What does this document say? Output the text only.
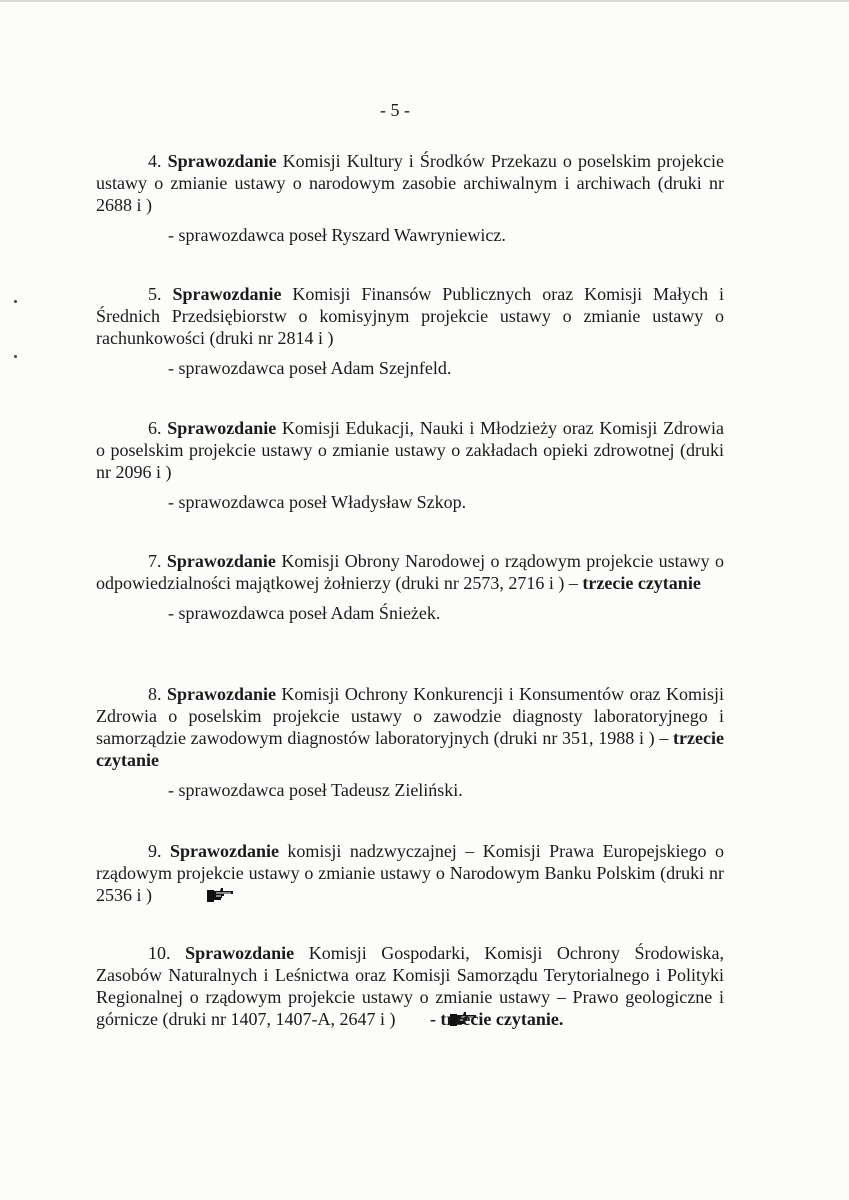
- 5 -

4. Sprawozdanie Komisji Kultury i Środków Przekazu o poselskim projekcie ustawy o zmianie ustawy o narodowym zasobie archiwalnym i archiwach (druki nr 2688 i )

- sprawozdawca poseł Ryszard Wawryniewicz.

5. Sprawozdanie Komisji Finansów Publicznych oraz Komisji Małych i Średnich Przedsiębiorstw o komisyjnym projekcie ustawy o zmianie ustawy o rachunkowości (druki nr 2814 i )

- sprawozdawca poseł Adam Szejnfeld.

6. Sprawozdanie Komisji Edukacji, Nauki i Młodzieży oraz Komisji Zdrowia o poselskim projekcie ustawy o zmianie ustawy o zakładach opieki zdrowotnej (druki nr 2096 i )

- sprawozdawca poseł Władysław Szkop.

7. Sprawozdanie Komisji Obrony Narodowej o rządowym projekcie ustawy o odpowiedzialności majątkowej żołnierzy (druki nr 2573, 2716 i ) – trzecie czytanie

- sprawozdawca poseł Adam Śnieżek.

8. Sprawozdanie Komisji Ochrony Konkurencji i Konsumentów oraz Komisji Zdrowia o poselskim projekcie ustawy o zawodzie diagnosty laboratoryjnego i samorządzie zawodowym diagnostów laboratoryjnych (druki nr 351, 1988 i ) – trzecie czytanie

- sprawozdawca poseł Tadeusz Zieliński.

9. Sprawozdanie komisji nadzwyczajnej – Komisji Prawa Europejskiego o rządowym projekcie ustawy o zmianie ustawy o Narodowym Banku Polskim (druki nr 2536 i )

10. Sprawozdanie Komisji Gospodarki, Komisji Ochrony Środowiska, Zasobów Naturalnych i Leśnictwa oraz Komisji Samorządu Terytorialnego i Polityki Regionalnej o rządowym projekcie ustawy o zmianie ustawy – Prawo geologiczne i górnicze (druki nr 1407, 1407-A, 2647 i ) - trzecie czytanie.
